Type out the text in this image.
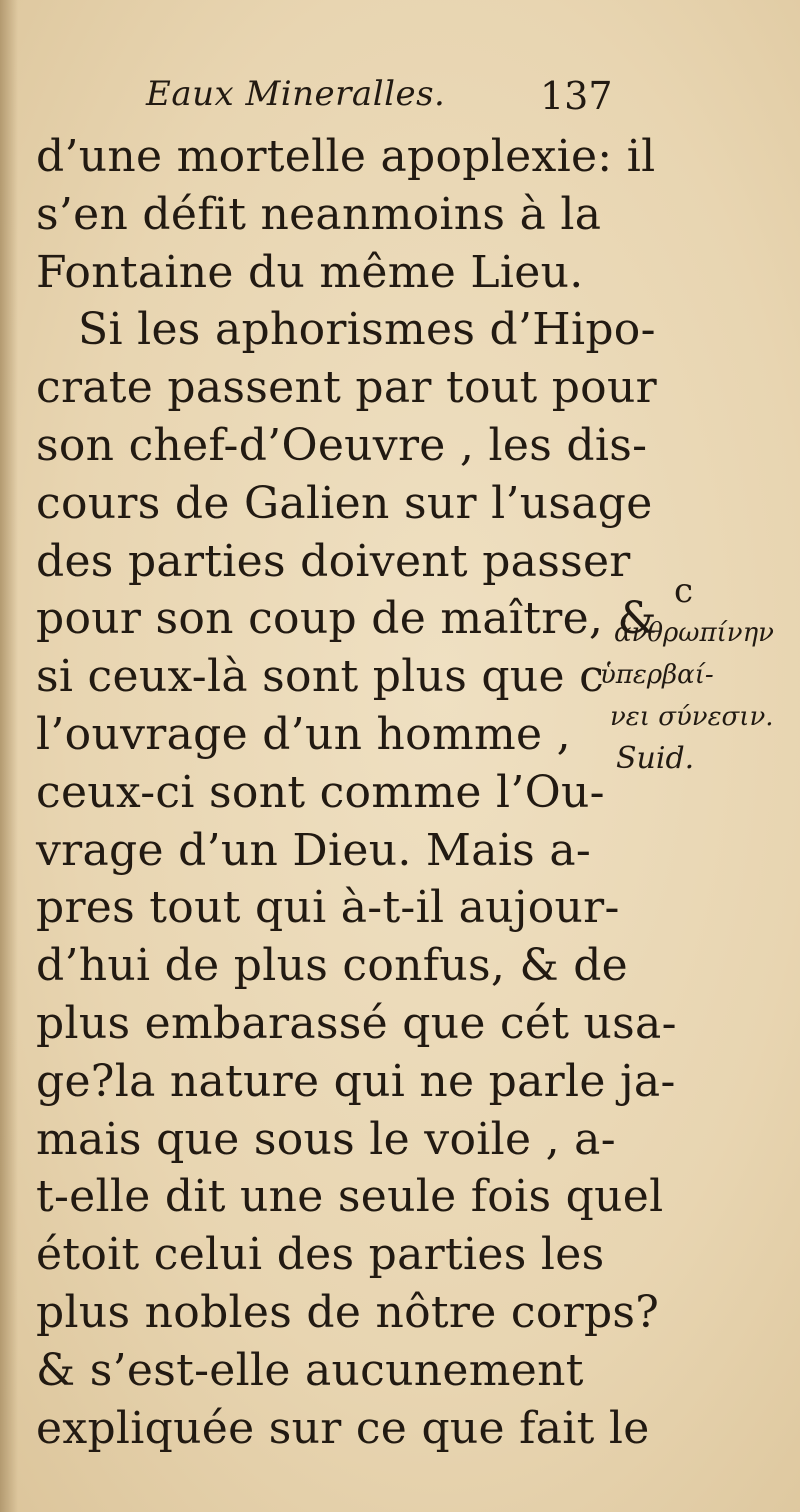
Eaux Mineralles. 137
d’une mortelle apoplexie: il
s’en défit neanmoins à la
Fontaine du même Lieu.
Si les aphorismes d’Hipo-
crate passent par tout pour
son chef-d’Oeuvre , les dis-
cours de Galien sur l’usage
des parties doivent passer
pour son coup de maître, &
si ceux-là sont plus que c
l’ouvrage d’un homme ,
ceux-ci sont comme l’Ou-
vrage d’un Dieu. Mais a-
pres tout qui à-t-il aujour-
d’hui de plus confus, & de
plus embarassé que cét usa-
ge?la nature qui ne parle ja-
mais que sous le voile , a-
t-elle dit une seule fois quel
étoit celui des parties les
plus nobles de nôtre corps?
& s’est-elle aucunement
expliquée sur ce que fait le
c
ἀνθρωπίνην
ὑπερβαί-
νει σύνεσιν.
Suid.
